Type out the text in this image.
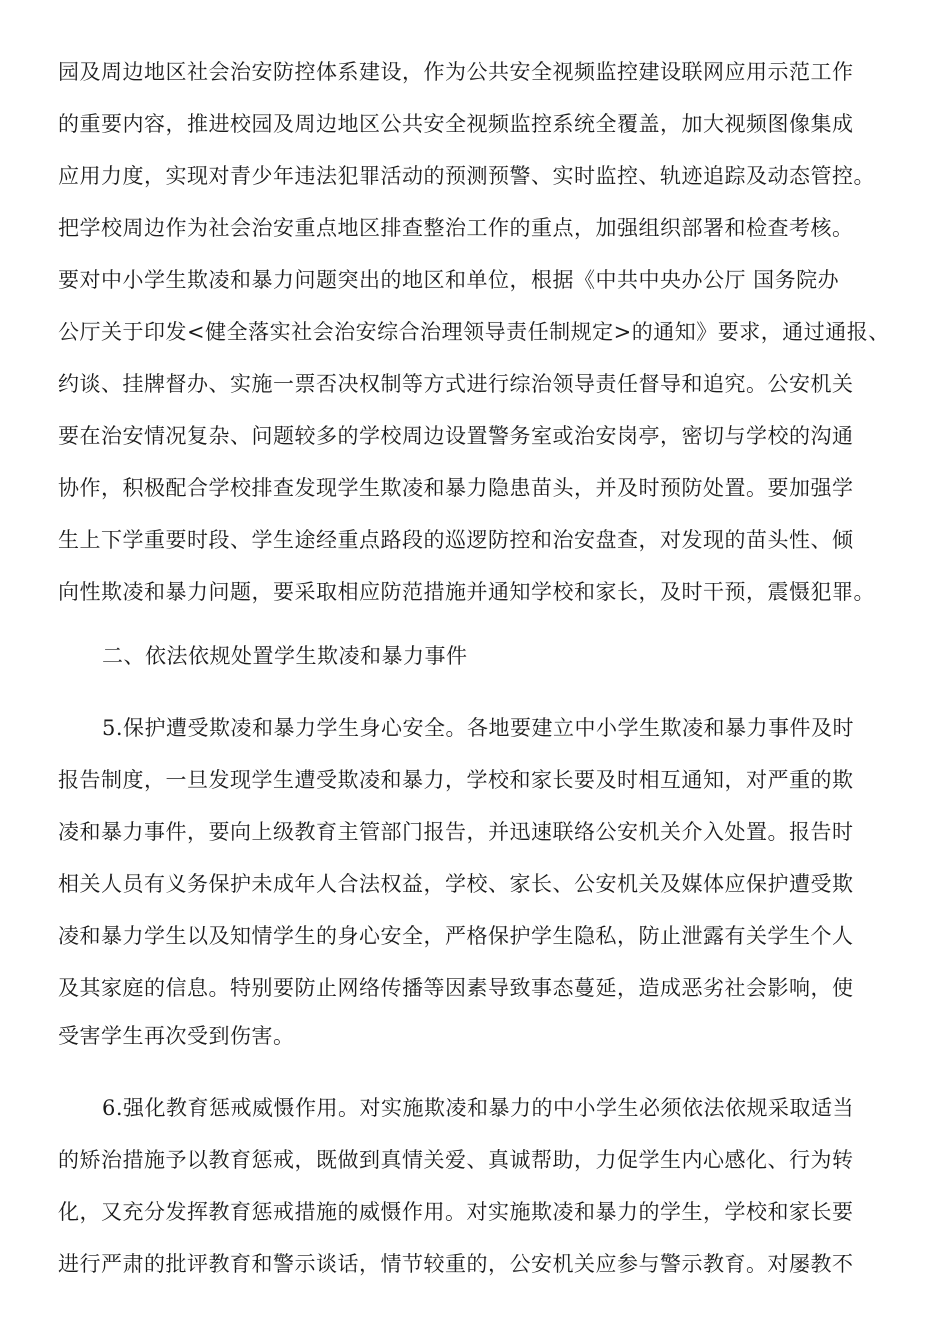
园及周边地区社会治安防控体系建设，作为公共安全视频监控建设联网应用示范工作
的重要内容，推进校园及周边地区公共安全视频监控系统全覆盖，加大视频图像集成
应用力度，实现对青少年违法犯罪活动的预测预警、实时监控、轨迹追踪及动态管控。
把学校周边作为社会治安重点地区排查整治工作的重点，加强组织部署和检查考核。
要对中小学生欺凌和暴力问题突出的地区和单位，根据《中共中央办公厅 国务院办
公厅关于印发<健全落实社会治安综合治理领导责任制规定>的通知》要求，通过通报、
约谈、挂牌督办、实施一票否决权制等方式进行综治领导责任督导和追究。公安机关
要在治安情况复杂、问题较多的学校周边设置警务室或治安岗亭，密切与学校的沟通
协作，积极配合学校排查发现学生欺凌和暴力隐患苗头，并及时预防处置。要加强学
生上下学重要时段、学生途经重点路段的巡逻防控和治安盘查，对发现的苗头性、倾
向性欺凌和暴力问题，要采取相应防范措施并通知学校和家长，及时干预，震慑犯罪。
二、依法依规处置学生欺凌和暴力事件
5.保护遭受欺凌和暴力学生身心安全。各地要建立中小学生欺凌和暴力事件及时
报告制度，一旦发现学生遭受欺凌和暴力，学校和家长要及时相互通知，对严重的欺
凌和暴力事件，要向上级教育主管部门报告，并迅速联络公安机关介入处置。报告时
相关人员有义务保护未成年人合法权益，学校、家长、公安机关及媒体应保护遭受欺
凌和暴力学生以及知情学生的身心安全，严格保护学生隐私，防止泄露有关学生个人
及其家庭的信息。特别要防止网络传播等因素导致事态蔓延，造成恶劣社会影响，使
受害学生再次受到伤害。
6.强化教育惩戒威慑作用。对实施欺凌和暴力的中小学生必须依法依规采取适当
的矫治措施予以教育惩戒，既做到真情关爱、真诚帮助，力促学生内心感化、行为转
化，又充分发挥教育惩戒措施的威慑作用。对实施欺凌和暴力的学生，学校和家长要
进行严肃的批评教育和警示谈话，情节较重的，公安机关应参与警示教育。对屡教不
